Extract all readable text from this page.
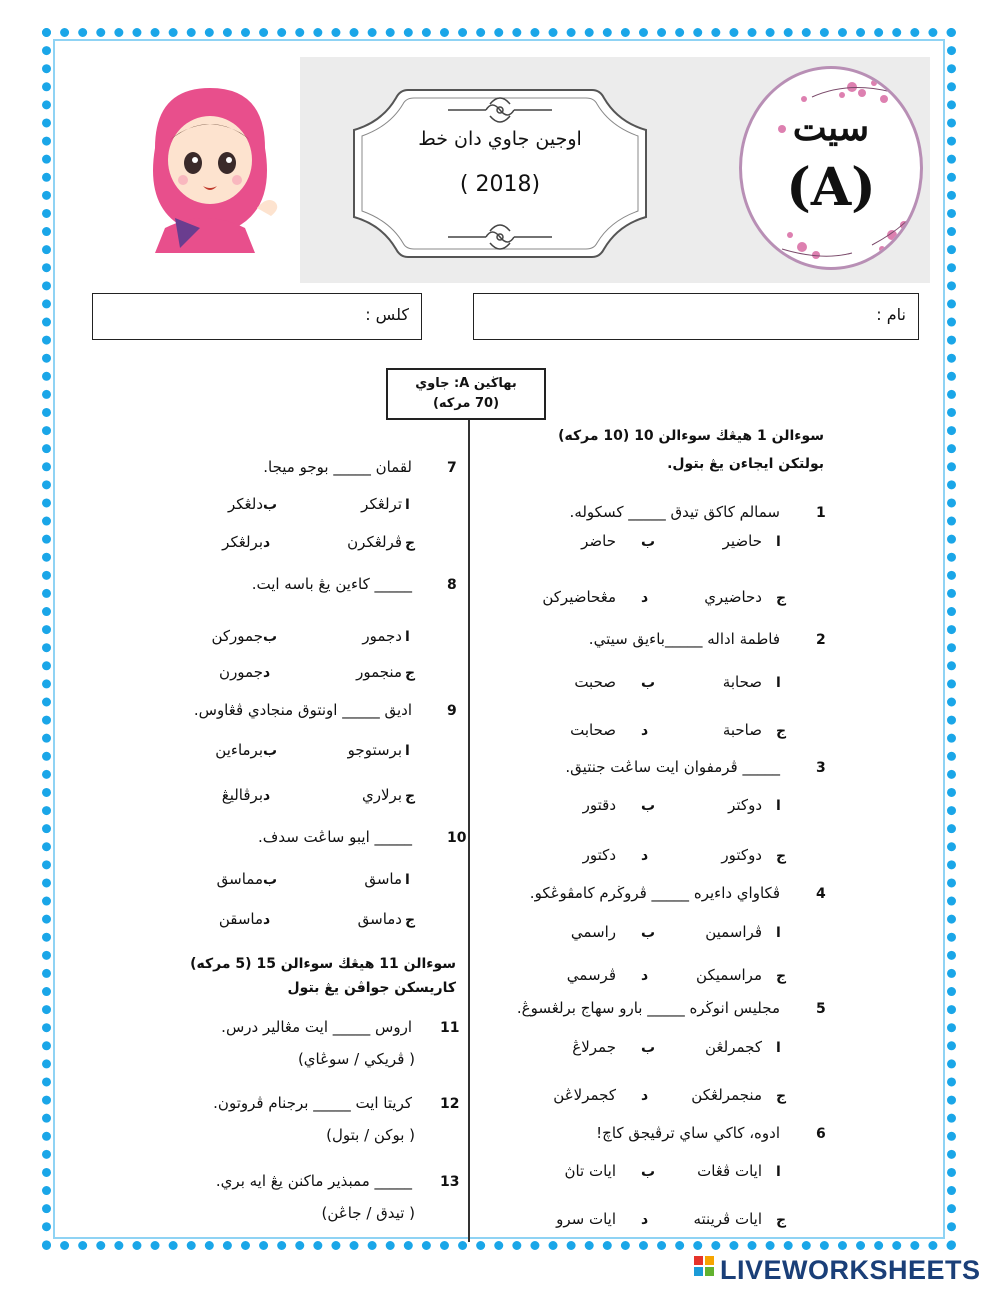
اوجين جاوي دان خط
( 2018)
سيت
(A)
كلس :	نام :
بهاڬين A: جاوي
(70 مركه)
سوءالن 1 هيڠڬ سوءالن 10 (10 مركه)
بولتكن ايجاءن يڠ بتول.
1
سمالم كاكق تيدق _____ كسكوله.
ا
حاضير
ب
حاضر
ج
دحاضيري
د
مڠحاضيركن
2
فاطمة اداله _____باءيق سيتي.
ا
صحابة
ب
صحبت
ج
صاحبة
د
صحابت
3
_____ ڤرمفوان ايت ساڠت جنتيق.
ا
دوكتر
ب
دقتور
ج
دوكتور
د
دكتور
4
ڤكاواي داءيره _____ ڤروڬرم كامڤوڠكو.
ا
ڤراسمين
ب
راسمي
ج
مراسميكن
د
ڤرسمي
5
مجليس انوڬره _____ بارو سهاج برلڠسوڠ.
ا
كجمرلڠن
ب
جمرلاڠ
ج
منجمرلڠكن
د
كجمرلاڠن
6
ادوه، كاكي ساي ترڤيجق كاچ!
ا
ايات ڤڠات
ب
ايات تاڽ
ج
ايات ڤرينته
د
ايات سرو
7
لقمان _____ بوجو ميجا.
ا
ترلڠكر
ب
دلڠكر
ج
ڤرلڠكرن
د
برلڠكر
8
_____ كاءين يڠ باسه ايت.
ا
دجمور
ب
جموركن
ج
منجمور
د
جمورن
9
اديق _____ اونتوق منجادي ڤڠاوس.
ا
برستوجو
ب
برماءين
ج
برلاري
د
برڤاليڠ
10
_____ ايبو ساڠت سدف.
ا
ماسق
ب
مماسق
ج
دماسق
د
ماسقن
سوءالن 11 هيڠڬ سوءالن 15 (5 مركه)
كاريسكن جواڤن يڠ بتول
11
اروس _____ ايت مڠالير درس.
( ڤريكي / سوڠاي)
12
كريتا ايت _____ برجنام ڤروتون.
( بوكن / بتول)
13
_____ ممبذير ماكنن يڠ ايه بري.
( تيدق / جاڠن)
LIVEWORKSHEETS
